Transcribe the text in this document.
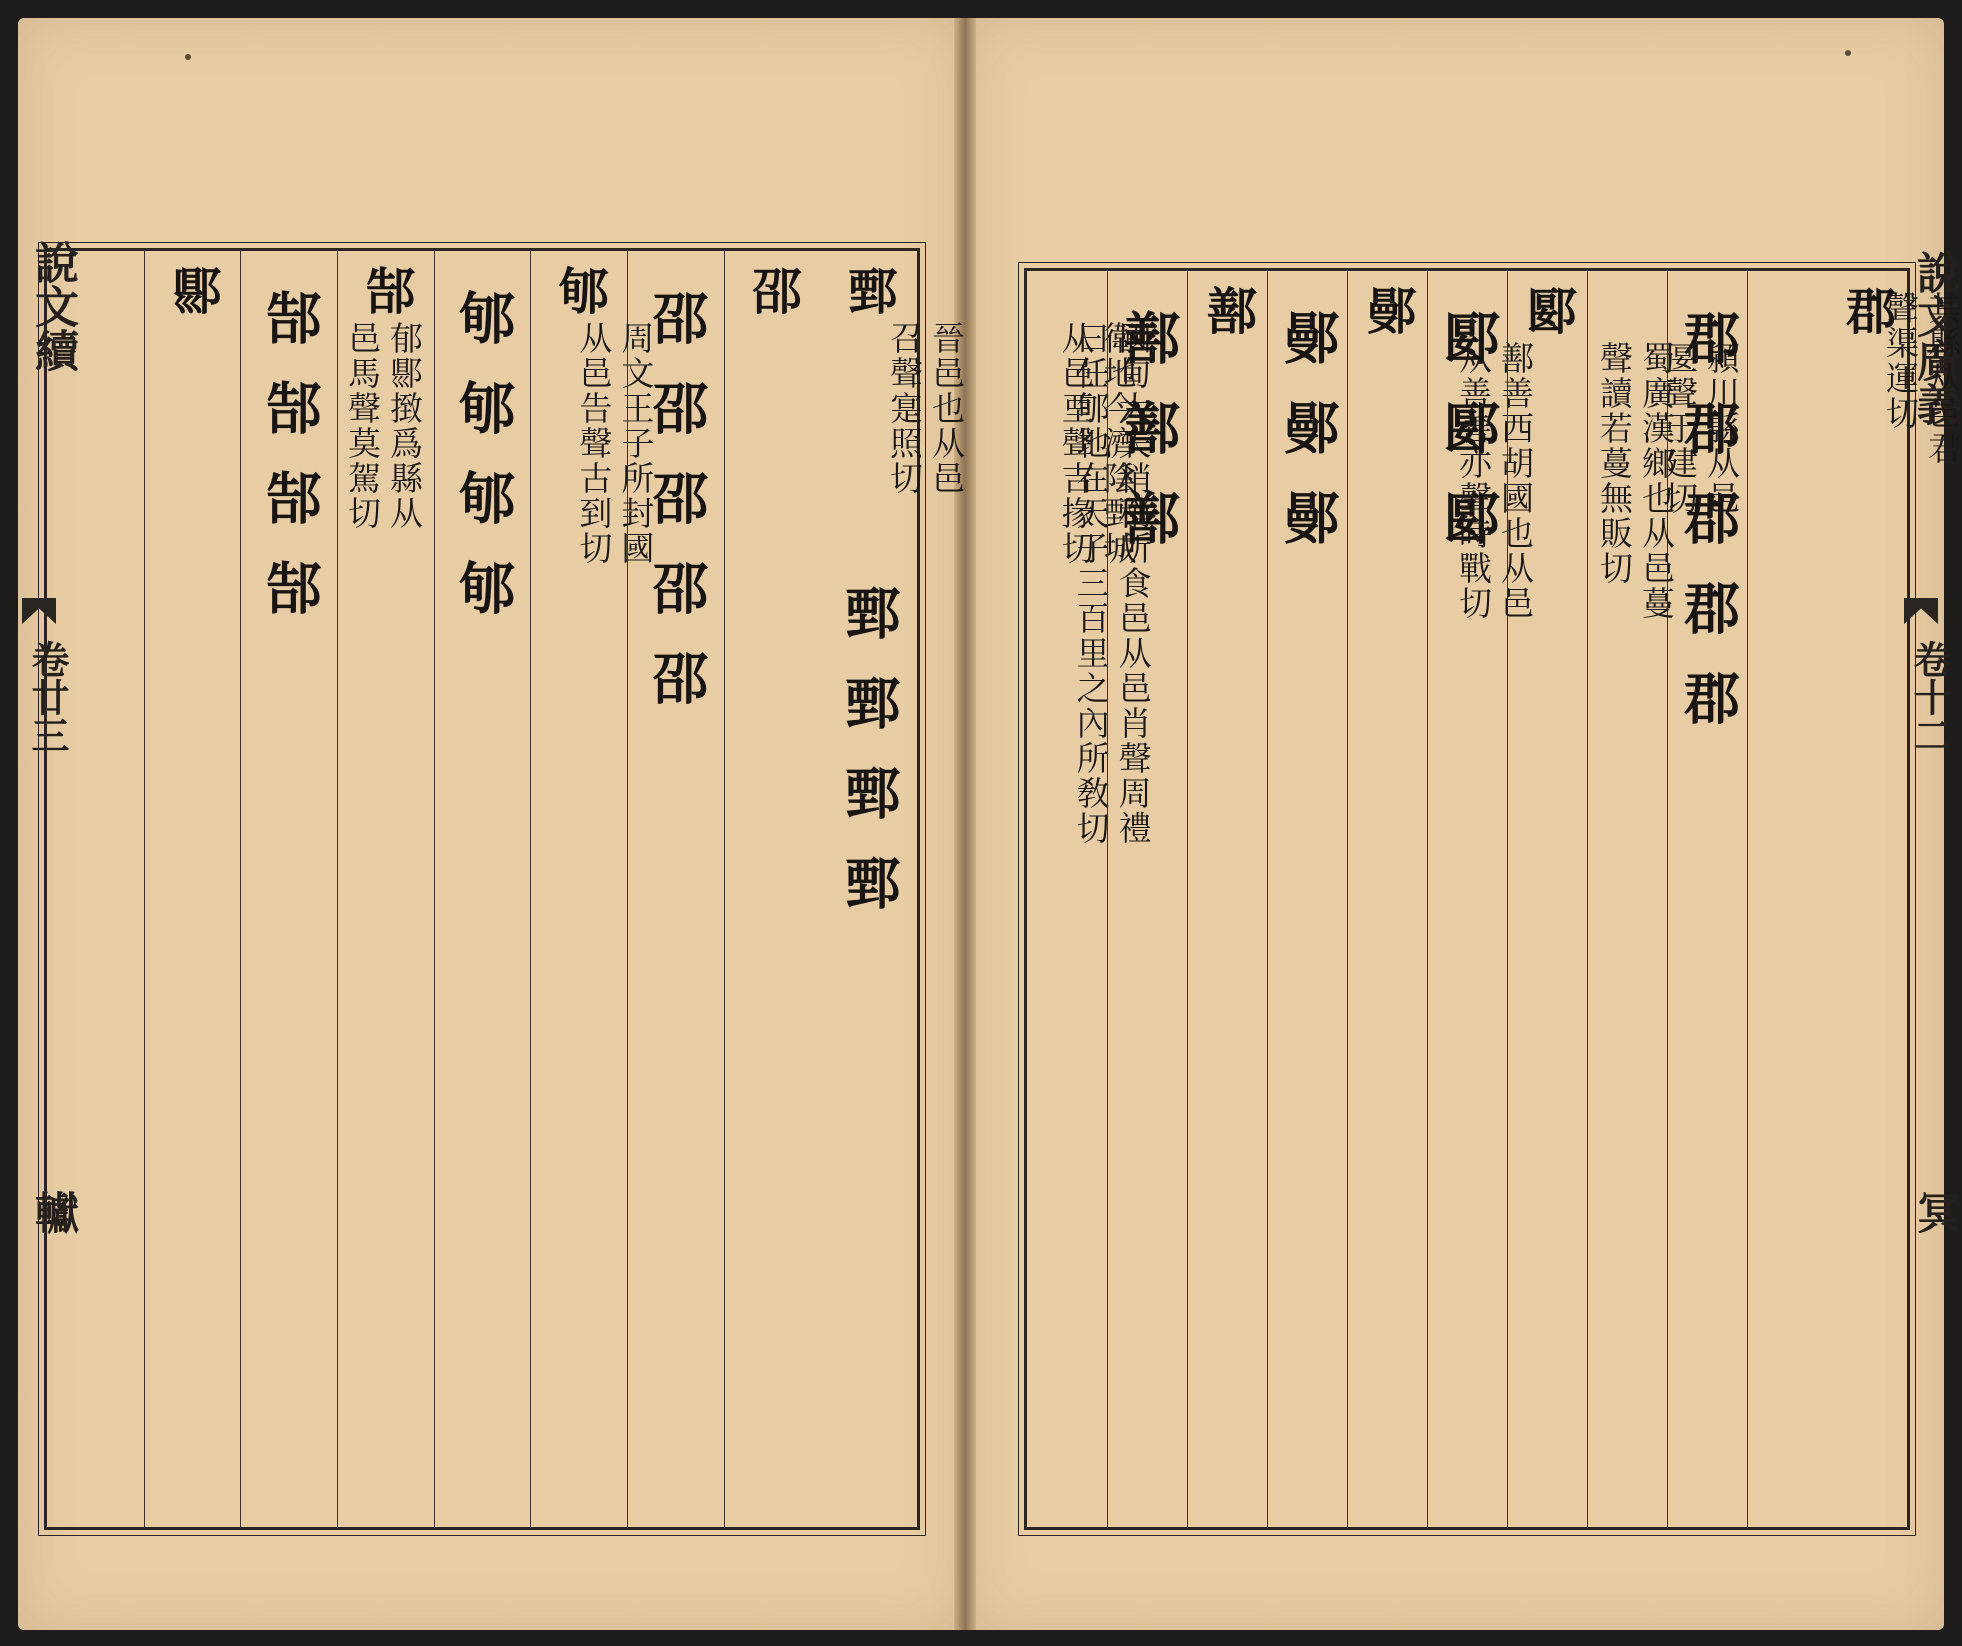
說文續
卷廿三
䡾
說文廣義
卷十二
冥
鄄
衛地今濟陰鄄城
从邑垔聲吉掾切
鄄鄄鄄鄄
邵
晉邑也从邑
召聲寔照切
邵邵邵邵邵
郇
國甸大夫稍稍所食邑从邑肖聲周禮
曰任郇地在天子三百里之內所敎切
郇郇郇郇
郜
周文王子所封國
从邑告聲古到切
郜郜郜郜
郻
郁郻㨖爲縣从
邑馬聲莫駕切
郡 其縣从邑君
聲渠運切
郡郡郡郡郡
郾
潁川縣从邑
匽聲于建切
郾郾郾
鄤
蜀廣漢鄉也从邑蔓
聲讀若蔓無販切
鄤鄤鄤
鄯
鄯善西胡國也从邑
从善善亦聲時戰切
鄯鄯鄯
